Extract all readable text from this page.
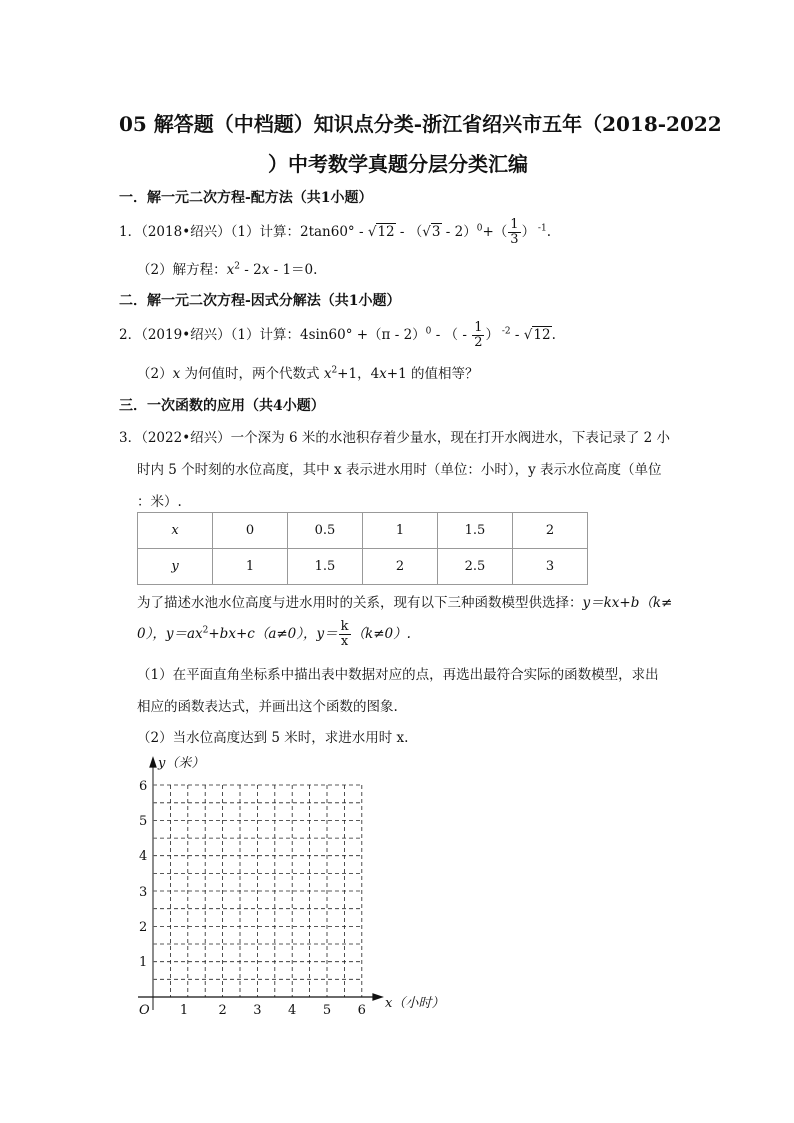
05 解答题（中档题）知识点分类-浙江省绍兴市五年（2018-2022
）中考数学真题分层分类汇编
一．解一元二次方程-配方法（共1小题）
1．（2018•绍兴）（1）计算：$2\tan 60^\circ - √12 - (√3 - 2)^0+( \frac{1}{3}$ ） $^{-1}$.
（2）解方程：$x^2 - 2x - 1=0$.
二．解一元二次方程-因式分解法（共1小题）
2．（2019•绍兴）（1）计算：4sin60° +（π - 2）$^0$ - （ - $\frac{1}{2}$ ） $^{-2}$ - √12.
（2）x 为何值时，两个代数式 $x^2+1$，4x+1 的值相等？
三．一次函数的应用（共4小题）
3．（2022•绍兴）一个深为 6 米的水池积存着少量水，现在打开水阀进水，下表记录了 2 小
时内 5 个时刻的水位高度，其中 x 表示进水用时（单位：小时），y 表示水位高度（单位
：米）.
x	0	0.5	1	1.5	2
y	1	1.5	2	2.5	3
为了描述水池水位高度与进水用时的关系，现有以下三种函数模型供选择：y＝kx+b（k≠
0），$y=ax^2+bx+c(a\ne 0)$，$y= \frac{k}{x} (k\ne 0)$.
（1）在平面直角坐标系中描出表中数据对应的点，再选出最符合实际的函数模型，求出
相应的函数表达式，并画出这个函数的图象.
（2）当水位高度达到 5 米时，求进水用时 x.
y（米）
x（小时）
O 1 2 3 4 5 6
1
2
3
4
5
6
